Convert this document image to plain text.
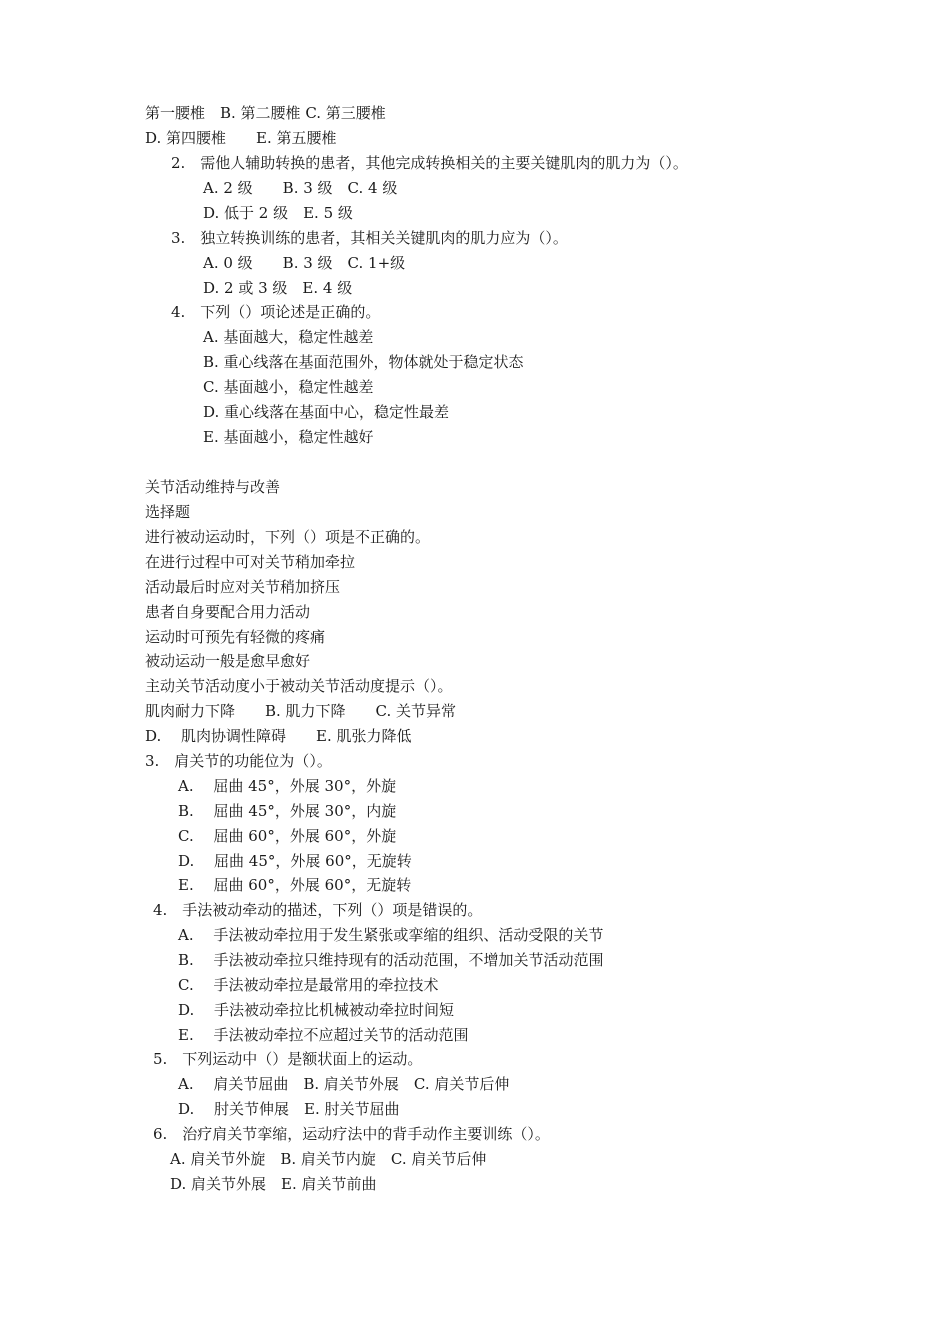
第一腰椎　B. 第二腰椎 C. 第三腰椎
D. 第四腰椎　　E. 第五腰椎
2.　需他人辅助转换的患者，其他完成转换相关的主要关键肌肉的肌力为（）。
A. 2 级　　B. 3 级　C. 4 级
D. 低于 2 级　E. 5 级
3.　独立转换训练的患者，其相关关键肌肉的肌力应为（）。
A. 0 级　　B. 3 级　C. 1+级
D. 2 或 3 级　E. 4 级
4.　下列（）项论述是正确的。
A. 基面越大，稳定性越差
B. 重心线落在基面范围外，物体就处于稳定状态
C. 基面越小，稳定性越差
D. 重心线落在基面中心，稳定性最差
E. 基面越小，稳定性越好
关节活动维持与改善
选择题
进行被动运动时，下列（）项是不正确的。
在进行过程中可对关节稍加牵拉
活动最后时应对关节稍加挤压
患者自身要配合用力活动
运动时可预先有轻微的疼痛
被动运动一般是愈早愈好
主动关节活动度小于被动关节活动度提示（）。
肌肉耐力下降　　B. 肌力下降　　C. 关节异常
D.　 肌肉协调性障碍　　E. 肌张力降低
3.　肩关节的功能位为（）。
A.　 屈曲 45°，外展 30°，外旋
B.　 屈曲 45°，外展 30°，内旋
C.　 屈曲 60°，外展 60°，外旋
D.　 屈曲 45°，外展 60°，无旋转
E.　 屈曲 60°，外展 60°，无旋转
4.　手法被动牵动的描述，下列（）项是错误的。
A.　 手法被动牵拉用于发生紧张或挛缩的组织、活动受限的关节
B.　 手法被动牵拉只维持现有的活动范围，不增加关节活动范围
C.　 手法被动牵拉是最常用的牵拉技术
D.　 手法被动牵拉比机械被动牵拉时间短
E.　 手法被动牵拉不应超过关节的活动范围
5.　下列运动中（）是额状面上的运动。
A.　 肩关节屈曲　B. 肩关节外展　C. 肩关节后伸
D.　 肘关节伸展　E. 肘关节屈曲
6.　治疗肩关节挛缩，运动疗法中的背手动作主要训练（）。
A. 肩关节外旋　B. 肩关节内旋　C. 肩关节后伸
D. 肩关节外展　E. 肩关节前曲
